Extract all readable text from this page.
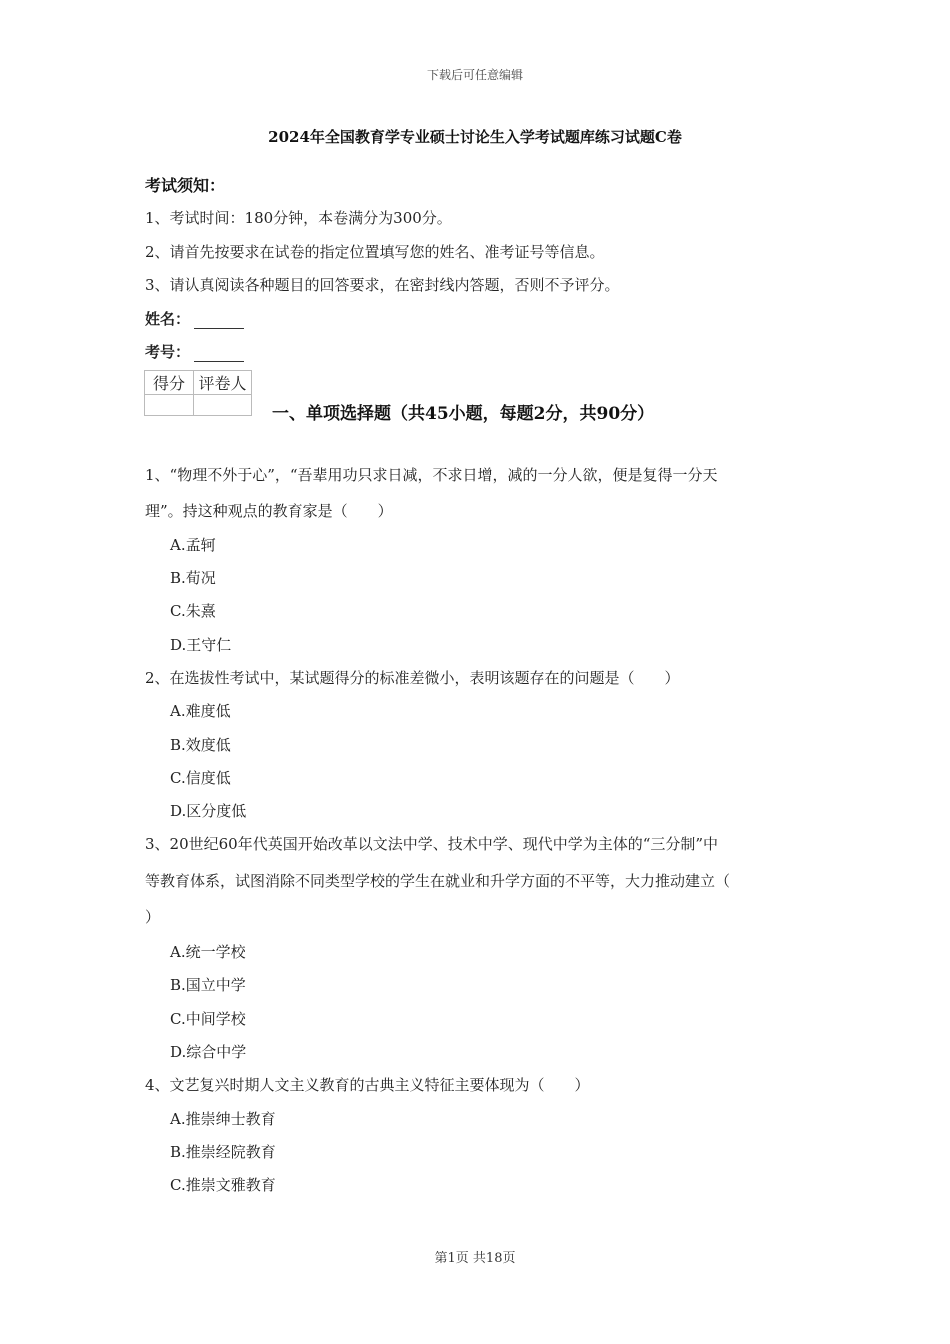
下载后可任意编辑
2024年全国教育学专业硕士讨论生入学考试题库练习试题C卷
考试须知：
1、考试时间：180分钟，本卷满分为300分。
2、请首先按要求在试卷的指定位置填写您的姓名、准考证号等信息。
3、请认真阅读各种题目的回答要求，在密封线内答题，否则不予评分。
姓名：
考号：
得分	评卷人

一、单项选择题（共45小题，每题2分，共90分）
1、“物理不外于心”，“吾辈用功只求日减，不求日增，减的一分人欲，便是复得一分天
理”。持这种观点的教育家是（　　）
A.孟轲
B.荀况
C.朱熹
D.王守仁
2、在选拔性考试中，某试题得分的标准差微小，表明该题存在的问题是（　　）
A.难度低
B.效度低
C.信度低
D.区分度低
3、20世纪60年代英国开始改革以文法中学、技术中学、现代中学为主体的“三分制”中
等教育体系，试图消除不同类型学校的学生在就业和升学方面的不平等，大力推动建立（
）
A.统一学校
B.国立中学
C.中间学校
D.综合中学
4、文艺复兴时期人文主义教育的古典主义特征主要体现为（　　）
A.推崇绅士教育
B.推崇经院教育
C.推崇文雅教育
第1页 共18页
